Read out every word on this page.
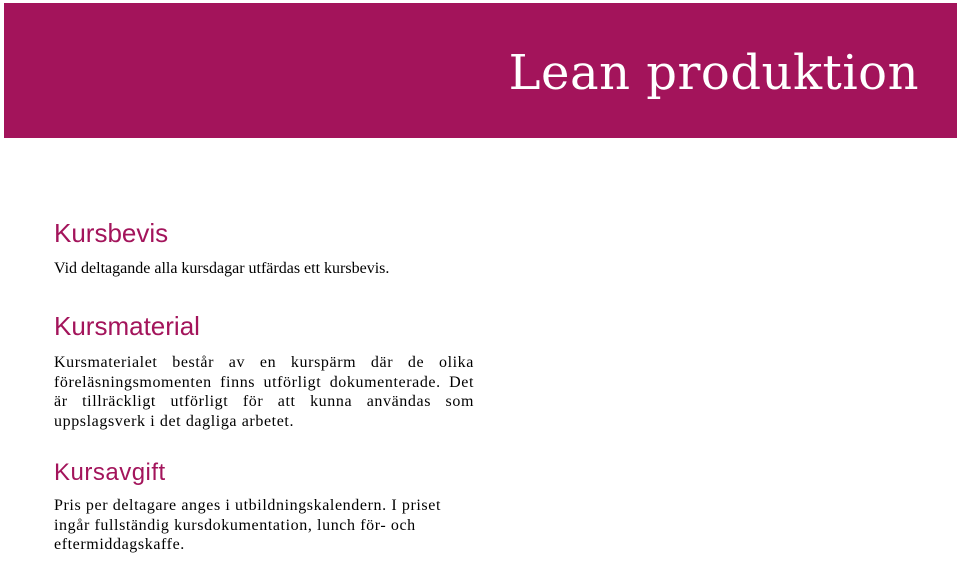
Lean produktion
Kursbevis

Vid deltagande alla kursdagar utfärdas ett kursbevis.

Kursmaterial

Kursmaterialet består av en kurspärm där de olika föreläsningsmomenten finns utförligt dokumenterade. Det är tillräckligt utförligt för att kunna användas som uppslagsverk i det dagliga arbetet.

Kursavgift

Pris per deltagare anges i utbildningskalendern. I priset ingår fullständig kursdokumentation, lunch för- och eftermiddagskaffe.
